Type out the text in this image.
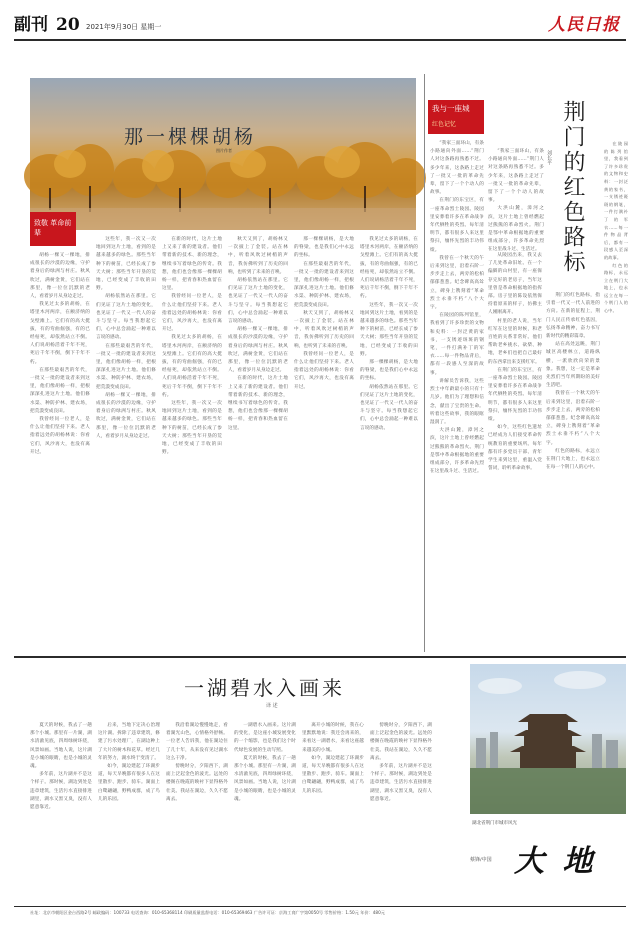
副刊 20 2021年9月30日 星期一	人民日报
那一棵棵胡杨
图片作者
致敬 革命前辈

胡杨一棵又一棵地，排成很长的沙漠的边缘，守护着身后的绿洲与村庄。秋风吹过，满树金黄，它们站在那里，像一位位沉默的老人，看着岁月从身边走过。

我见过太多的胡杨，在塔里木河两岸，在额济纳的戈壁滩上。它们有的高大挺拔，有的弯曲倔强，有的已经枯死，却依然站立不倒。人们说胡杨活着千年不死，死后千年不倒，倒下千年不朽。

在那些最艰苦的年代，一批又一批的建设者来到这里，他们像胡杨一样，把根深深扎进这片土地。他们修水渠、种防护林、建农场，把荒漠变成良田。

我曾经问一位老人，是什么让他们坚持下来。老人指着远处的胡杨林说：你看它们，风沙再大，也没有离开过。

这些年，我一次又一次地回到这片土地，看到的是越来越多的绿色。那些当年种下的树苗，已经长成了参天大树；那些当年开垦的荒地，已经变成了丰收的田野。

胡杨依然站在那里。它们见证了这片土地的变化，也见证了一代又一代人的奋斗与坚守。每当我想起它们，心中总会涌起一种难以言说的感动。

在那些最艰苦的年代，一批又一批的建设者来到这里，他们像胡杨一样，把根深深扎进这片土地。他们修水渠、种防护林、建农场，把荒漠变成良田。

胡杨一棵又一棵地，排成很长的沙漠的边缘，守护着身后的绿洲与村庄。秋风吹过，满树金黄，它们站在那里，像一位位沉默的老人，看着岁月从身边走过。

在新的时代，这片土地上又来了新的建设者。他们带着新的技术、新的理念，继续书写着绿色的传奇。我想，他们也会像那一棵棵胡杨一样，把青春和热血留在这里。

我曾经问一位老人，是什么让他们坚持下来。老人指着远处的胡杨林说：你看它们，风沙再大，也没有离开过。

我见过太多的胡杨，在塔里木河两岸，在额济纳的戈壁滩上。它们有的高大挺拔，有的弯曲倔强，有的已经枯死，却依然站立不倒。人们说胡杨活着千年不死，死后千年不倒，倒下千年不朽。

这些年，我一次又一次地回到这片土地，看到的是越来越多的绿色。那些当年种下的树苗，已经长成了参天大树；那些当年开垦的荒地，已经变成了丰收的田野。

秋天又到了，胡杨林又一次披上了金装。站在林中，听着风吹过树梢的声音，我仿佛听到了历史的回响，也听到了未来的召唤。

胡杨依然站在那里。它们见证了这片土地的变化，也见证了一代又一代人的奋斗与坚守。每当我想起它们，心中总会涌起一种难以言说的感动。

胡杨一棵又一棵地，排成很长的沙漠的边缘，守护着身后的绿洲与村庄。秋风吹过，满树金黄，它们站在那里，像一位位沉默的老人，看着岁月从身边走过。

在新的时代，这片土地上又来了新的建设者。他们带着新的技术、新的理念，继续书写着绿色的传奇。我想，他们也会像那一棵棵胡杨一样，把青春和热血留在这里。

那一棵棵胡杨，是大地的脊梁，也是我们心中永远的坐标。

在那些最艰苦的年代，一批又一批的建设者来到这里，他们像胡杨一样，把根深深扎进这片土地。他们修水渠、种防护林、建农场，把荒漠变成良田。

秋天又到了，胡杨林又一次披上了金装。站在林中，听着风吹过树梢的声音，我仿佛听到了历史的回响，也听到了未来的召唤。

我曾经问一位老人，是什么让他们坚持下来。老人指着远处的胡杨林说：你看它们，风沙再大，也没有离开过。

我见过太多的胡杨，在塔里木河两岸，在额济纳的戈壁滩上。它们有的高大挺拔，有的弯曲倔强，有的已经枯死，却依然站立不倒。人们说胡杨活着千年不死，死后千年不倒，倒下千年不朽。

这些年，我一次又一次地回到这片土地，看到的是越来越多的绿色。那些当年种下的树苗，已经长成了参天大树；那些当年开垦的荒地，已经变成了丰收的田野。

那一棵棵胡杨，是大地的脊梁，也是我们心中永远的坐标。

胡杨依然站在那里。它们见证了这片土地的变化，也见证了一代又一代人的奋斗与坚守。每当我想起它们，心中总会涌起一种难以言说的感动。

我与一座城
红色记忆	荆门的红色路标
刘长平

“我家三面环山，有条小路通向外面……”荆门人对这条路再熟悉不过。多少年来，这条路上走过了一批又一批的革命先辈，留下了一个个动人的故事。

大洪山麓，漳河之滨，这片土地上曾经燃起过熊熊的革命烈火。荆门是鄂中革命根据地的重要组成部分，许多革命先烈在这里战斗过、生活过。

“我家三面环山，有条小路通向外面……”荆门人对这条路再熟悉不过。多少年来，这条路上走过了一批又一批的革命先辈，留下了一个个动人的故事。

在荆门的东宝区，有一座革命烈士陵园。陵园里安葬着许多在革命战争年代牺牲的英烈。每年清明节，都有很多人来这里祭扫，缅怀先烈的丰功伟绩。

我曾在一个秋天的午后来到这里，沿着石阶一步步走上去，两旁的松柏郁郁葱葱。纪念碑高高耸立，碑身上镌刻着“革命烈士永垂不朽”八个大字。

在陵园的陈列馆里，我看到了许多珍贵的文物和史料：一封泛黄的家书，一支锈迹斑斑的钢笔，一件打满补丁的军衣……每一件物品背后，都有一段感人至深的故事。

讲解员告诉我，这些烈士中年龄最小的只有十几岁。他们为了理想和信念，献出了宝贵的生命。听着这些故事，我的眼眶湿润了。

大洪山麓，漳河之滨，这片土地上曾经燃起过熊熊的革命烈火。荆门是鄂中革命根据地的重要组成部分，许多革命先烈在这里战斗过、生活过。

从陵园出来，我又去了几处革命旧址。在一个偏僻的山村里，有一座保存完好的老房子，当年这里曾是革命根据地的指挥部。房子里的陈设依然保持着原来的样子，仿佛主人刚刚离开。

村里的老人说，当年红军在这里的时候，和老百姓的关系非常好。他们帮助老乡挑水、砍柴、种地，老乡们也把自己最好的东西拿出来支援红军。

在荆门的东宝区，有一座革命烈士陵园。陵园里安葬着许多在革命战争年代牺牲的英烈。每年清明节，都有很多人来这里祭扫，缅怀先烈的丰功伟绩。

如今，这些红色遗址已经成为人们接受革命传统教育的重要场所。每年都有许多党员干部、青年学生来到这里，重温入党誓词，聆听革命故事。

荆门的红色路标，指引着一代又一代人前进的方向。在新的征程上，荆门人民正传承红色基因，弘扬革命精神，奋力书写新时代的精彩篇章。

站在高处远眺，荆门城区高楼林立，道路纵横，一派欣欣向荣的景象。我想，这一定是革命先烈们当年所期盼的美好生活吧。

我曾在一个秋天的午后来到这里，沿着石阶一步步走上去，两旁的松柏郁郁葱葱。纪念碑高高耸立，碑身上镌刻着“革命烈士永垂不朽”八个大字。

红色的路标，永远立在荆门大地上，也永远立在每一个荆门人的心中。

在陵园的陈列馆里，我看到了许多珍贵的文物和史料：一封泛黄的家书，一支锈迹斑斑的钢笔，一件打满补丁的军衣……每一件物品背后，都有一段感人至深的故事。

红色的路标，永远立在荆门大地上，也永远立在每一个荆门人的心中。

一湖碧水入画来
译 述

夏天的时候，我去了一趟那个小城。那里有一片湖，湖水清澈见底，四周绿树环绕，风景如画。当地人说，这片湖是小城的眼睛，也是小城的灵魂。

多年前，这片湖并不是这个样子。那时候，湖边到处是违章建筑，生活污水直接排进湖里，湖水又黑又臭，没有人愿意靠近。

后来，当地下定决心治理这片湖。拆除了违章建筑，修建了污水处理厂，在湖边种上了大片的树木和花草。经过几年的努力，湖水终于变清了。

如今，湖边建起了环湖步道，每天早晚都有很多人在这里散步、跑步、骑车。湖面上白鹭翩翩，野鸭成群，成了鸟儿的乐园。

我沿着湖边慢慢地走，看着湖光山色，心情格外舒畅。一位老人告诉我，他在湖边住了几十年，从来没有见过湖水这么干净。

傍晚时分，夕阳西下，湖面上泛起金色的波光。远处的楼阁在晚霞的映衬下显得格外壮美。我站在湖边，久久不愿离去。

一湖碧水入画来。这片湖的变化，是这座小城发展变化的一个缩影，也是我们这个时代绿色发展的生动写照。

夏天的时候，我去了一趟那个小城。那里有一片湖，湖水清澈见底，四周绿树环绕，风景如画。当地人说，这片湖是小城的眼睛，也是小城的灵魂。

离开小城的时候，我在心里默默地说：我还会再来的，来看这一湖碧水，来看这座越来越美的小城。

如今，湖边建起了环湖步道，每天早晚都有很多人在这里散步、跑步、骑车。湖面上白鹭翩翩，野鸭成群，成了鸟儿的乐园。

傍晚时分，夕阳西下，湖面上泛起金色的波光。远处的楼阁在晚霞的映衬下显得格外壮美。我站在湖边，久久不愿离去。

多年前，这片湖并不是这个样子。那时候，湖边到处是违章建筑，生活污水直接排进湖里，湖水又黑又臭，没有人愿意靠近。

湖北省荆门市城市风光
蔡锋/中国 大 地
社址：北京市朝阳区金台西路2号 邮政编码：100733 电话查询：010-65368114 印刷质量监督电话：010-65369463 广告许可证：京海工商广字第0050号 零售价格：1.50元 年价：480元
